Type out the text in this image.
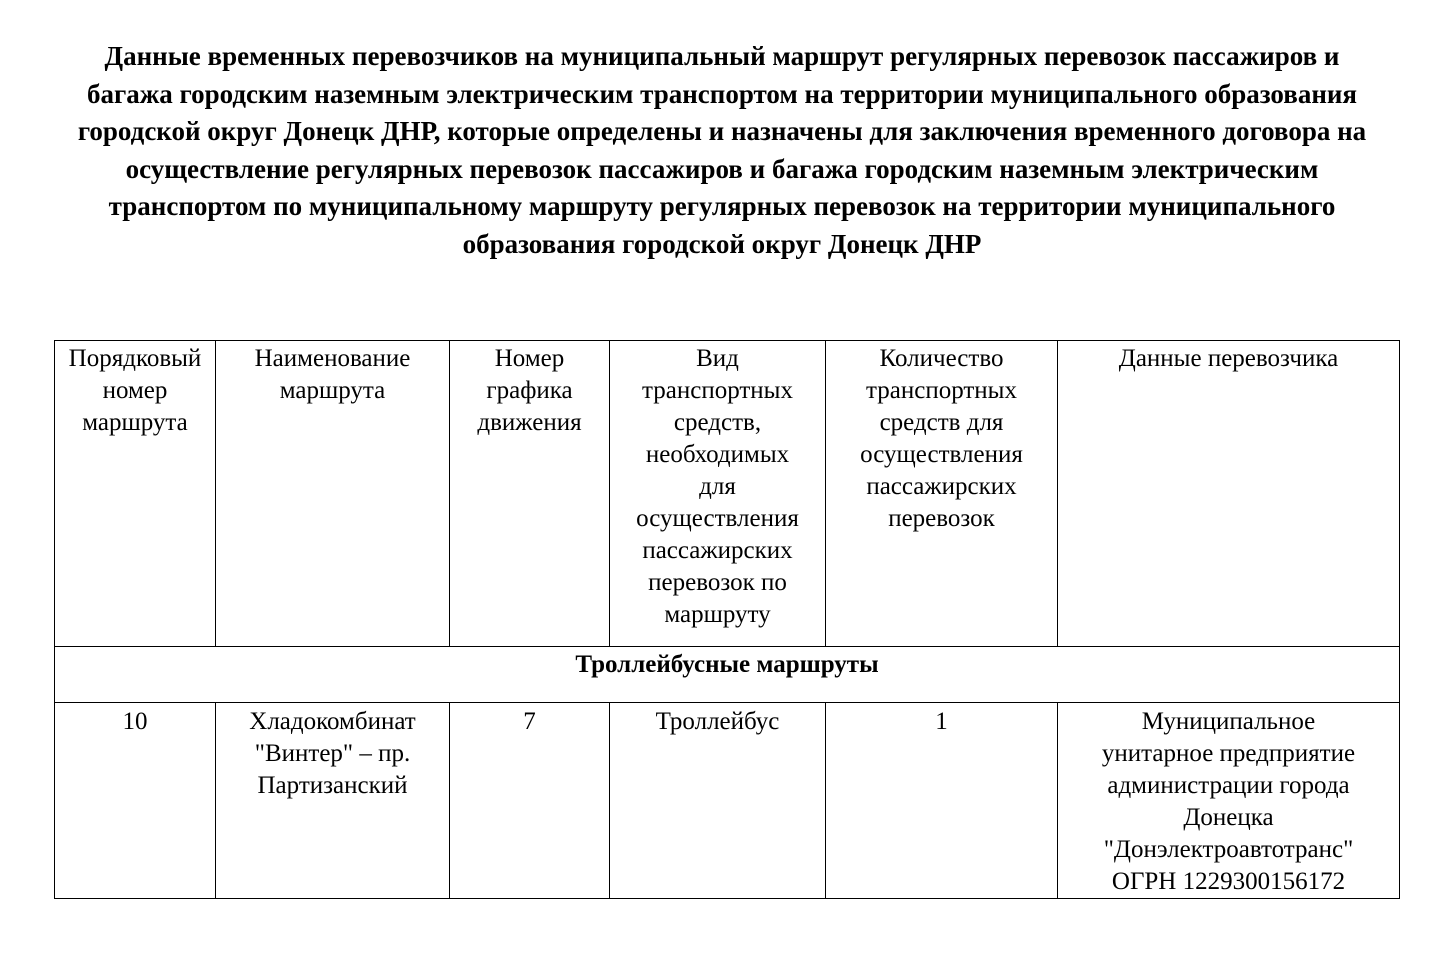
Данные временных перевозчиков на муниципальный маршрут регулярных перевозок пассажиров и багажа городским наземным электрическим транспортом на территории муниципального образования городской округ Донецк ДНР, которые определены и назначены для заключения временного договора на осуществление регулярных перевозок пассажиров и багажа городским наземным электрическим транспортом по муниципальному маршруту регулярных перевозок на территории муниципального образования городской округ Донецк ДНР
Порядковый номер маршрута	Наименование маршрута	Номер графика движения	Вид транспортных средств, необходимых для осуществления пассажирских перевозок по маршруту	Количество транспортных средств для осуществления пассажирских перевозок	Данные перевозчика
Троллейбусные маршруты					
10	Хладокомбинат "Винтер" – пр. Партизанский	7	Троллейбус	1	Муниципальное унитарное предприятие администрации города Донецка "Донэлектроавтотранс" ОГРН 1229300156172
